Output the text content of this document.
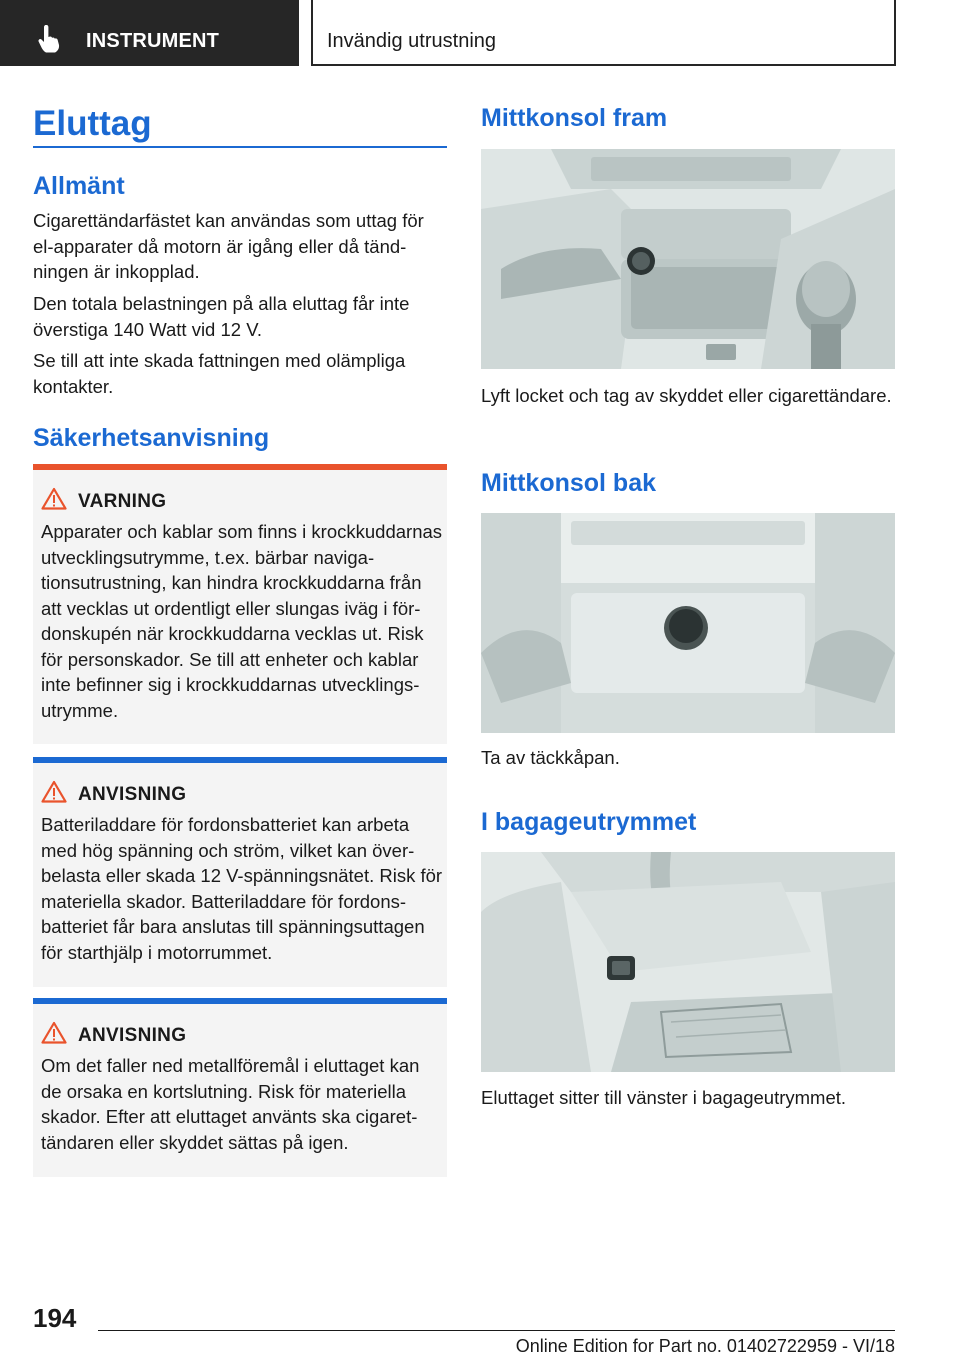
INSTRUMENT	Invändig utrustning
Eluttag
Allmänt

Cigarettändarfästet kan användas som uttag för el-apparater då motorn är igång eller då tändningen är inkopplad.

Den totala belastningen på alla eluttag får inte överstiga 140 Watt vid 12 V.

Se till att inte skada fattningen med olämpliga kontakter.

Säkerhetsanvisning
VARNING
Apparater och kablar som finns i krockkuddarnas utvecklingsutrymme, t.ex. bärbar navigationsutrustning, kan hindra krockkuddarna från att vecklas ut ordentligt eller slungas iväg i fördonskupén när krockkuddarna vecklas ut. Risk för personskador. Se till att enheter och kablar inte befinner sig i krockkuddarnas utvecklingsutrymme.
ANVISNING
Batteriladdare för fordonsbatteriet kan arbeta med hög spänning och ström, vilket kan överbelasta eller skada 12 V-spänningsnätet. Risk för materiella skador. Batteriladdare för fordonsbatteriet får bara anslutas till spänningsuttagen för starthjälp i motorrummet.
ANVISNING
Om det faller ned metallföremål i eluttaget kan de orsaka en kortslutning. Risk för materiella skador. Efter att eluttaget använts ska cigarettändaren eller skyddet sättas på igen.
Mittkonsol fram

Lyft locket och tag av skyddet eller cigarettändare.

Mittkonsol bak

Ta av täckkåpan.

I bagageutrymmet

Eluttaget sitter till vänster i bagageutrymmet.

194
Online Edition for Part no. 01402722959 - VI/18
